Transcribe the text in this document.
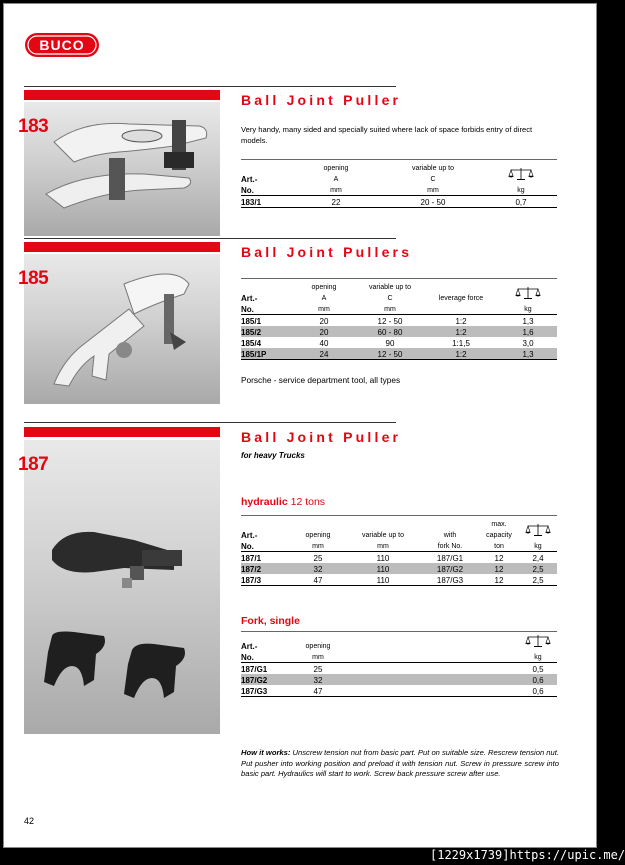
BUCO
183
Ball Joint Puller
Very handy, many sided and specially suited where lack of space forbids entry of direct models.
	opening	variable up to	
Art.-	A	C	
No.	mm	mm	kg
183/1	22	20 - 50	0,7
185
Ball Joint Pullers
	opening	variable up to		
Art.-	A	C	leverage force	
No.	mm	mm		kg
185/1	20	12 - 50	1:2	1,3
185/2	20	60 - 80	1:2	1,6
185/4	40	90	1:1,5	3,0
185/1P	24	12 - 50	1:2	1,3
Porsche - service department tool, all types
187
Ball Joint Puller
for heavy Trucks
hydraulic 12 tons
				max.	
Art.-	opening	variable up to	with	capacity	
No.	mm	mm	fork No.	ton	kg
187/1	25	110	187/G1	12	2,4
187/2	32	110	187/G2	12	2,5
187/3	47	110	187/G3	12	2,5
Fork, single
Art.-	opening		
No.	mm		kg
187/G1	25		0,5
187/G2	32		0,6
187/G3	47		0,6
How it works: Unscrew tension nut from basic part. Put on suitable size. Rescrew tension nut. Put pusher into working position and preload it with tension nut. Screw in pressure screw into basic part. Hydraulics will start to work. Screw back pressure screw after use.
42
[1229x1739]https://upic.me/
